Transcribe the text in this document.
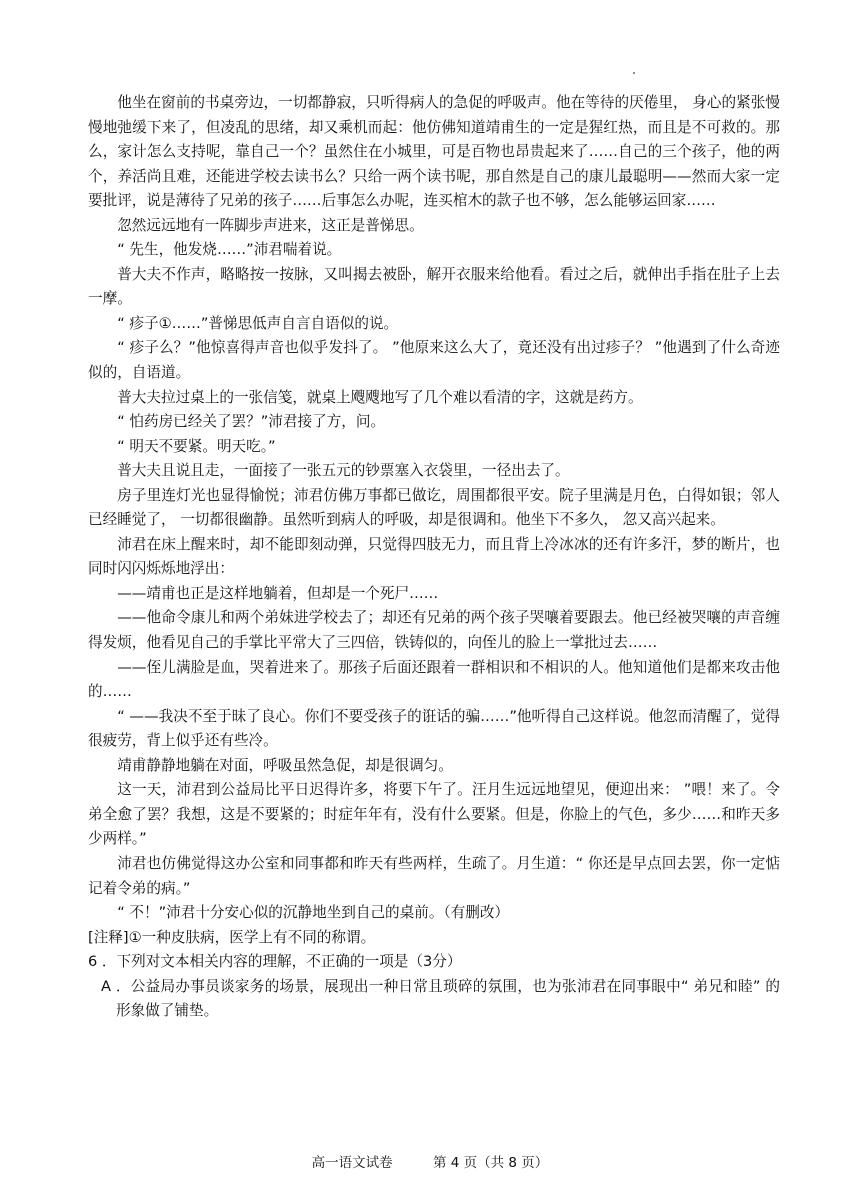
他坐在窗前的书桌旁边，一切都静寂，只听得病人的急促的呼吸声。他在等待的厌倦里， 身心的紧张慢慢地弛缓下来了，但凌乱的思绪，却又乘机而起：他仿佛知道靖甫生的一定是猩红热，而且是不可救的。那么，家计怎么支持呢，靠自己一个？虽然住在小城里，可是百物也昂贵起来了……自己的三个孩子，他的两个，养活尚且难，还能进学校去读书么？只给一两个读书呢，那自然是自己的康儿最聪明——然而大家一定要批评，说是薄待了兄弟的孩子……后事怎么办呢，连买棺木的款子也不够，怎么能够运回家……

忽然远远地有一阵脚步声进来，这正是普悌思。

“ 先生，他发烧……”沛君喘着说。

普大夫不作声，略略按一按脉，又叫揭去被卧，解开衣服来给他看。看过之后，就伸出手指在肚子上去一摩。

“ 疹子①……”普悌思低声自言自语似的说。

“ 疹子么？”他惊喜得声音也似乎发抖了。 ”他原来这么大了，竟还没有出过疹子？ ”他遇到了什么奇迹似的，自语道。

普大夫拉过桌上的一张信笺，就桌上飕飕地写了几个难以看清的字，这就是药方。

“ 怕药房已经关了罢？”沛君接了方，问。

“ 明天不要紧。明天吃。”

普大夫且说且走，一面接了一张五元的钞票塞入衣袋里，一径出去了。

房子里连灯光也显得愉悦；沛君仿佛万事都已做讫，周围都很平安。院子里满是月色，白得如银；邻人已经睡觉了， 一切都很幽静。虽然听到病人的呼吸，却是很调和。他坐下不多久， 忽又高兴起来。

沛君在床上醒来时，却不能即刻动弹，只觉得四肢无力，而且背上冷冰冰的还有许多汗，梦的断片，也同时闪闪烁烁地浮出：

——靖甫也正是这样地躺着，但却是一个死尸……

——他命令康儿和两个弟妹进学校去了；却还有兄弟的两个孩子哭嚷着要跟去。他已经被哭嚷的声音缠得发烦，他看见自己的手掌比平常大了三四倍，铁铸似的，向侄儿的脸上一掌批过去……

——侄儿满脸是血，哭着进来了。那孩子后面还跟着一群相识和不相识的人。他知道他们是都来攻击他的……

“ ——我决不至于昧了良心。你们不要受孩子的诳话的骗……”他听得自己这样说。他忽而清醒了，觉得很疲劳，背上似乎还有些冷。

靖甫静静地躺在对面，呼吸虽然急促，却是很调匀。

这一天，沛君到公益局比平日迟得许多，将要下午了。汪月生远远地望见，便迎出来： ”喂！来了。令弟全愈了罢？我想，这是不要紧的；时症年年有，没有什么要紧。但是，你脸上的气色，多少……和昨天多少两样。”

沛君也仿佛觉得这办公室和同事都和昨天有些两样，生疏了。月生道：“ 你还是早点回去罢，你一定惦记着令弟的病。”

“ 不！”沛君十分安心似的沉静地坐到自己的桌前。（有删改）

[注释]①一种皮肤病，医学上有不同的称谓。

6 ．下列对文本相关内容的理解，不正确的一项是（3分）

A ．公益局办事员谈家务的场景，展现出一种日常且琐碎的氛围，也为张沛君在同事眼中“ 弟兄和睦” 的形象做了铺垫。

高一语文试卷	第 4 页（共 8 页）
